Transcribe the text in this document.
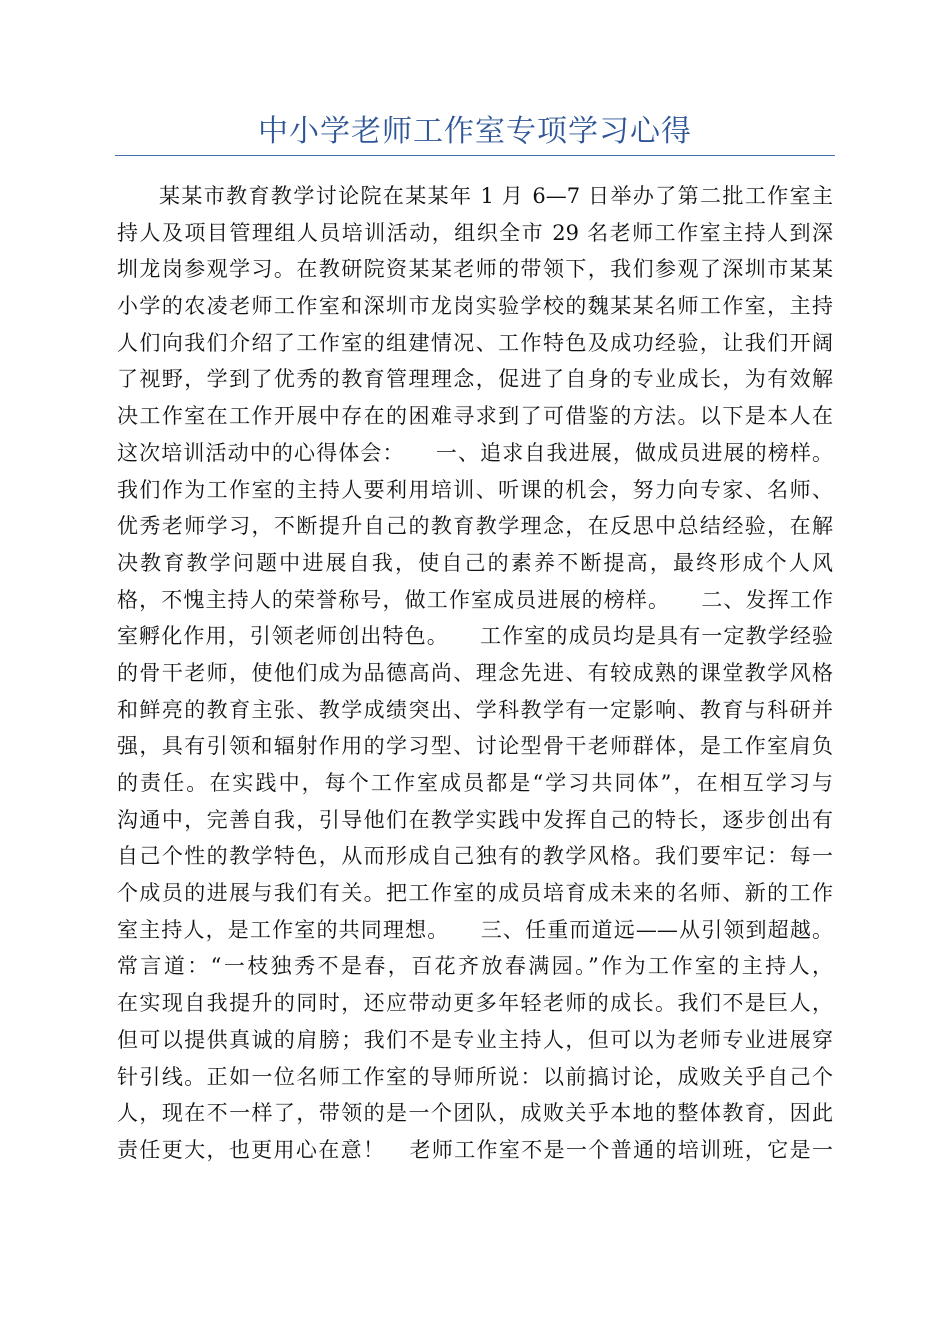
中小学老师工作室专项学习心得
某某市教育教学讨论院在某某年 1 月 6—7 日举办了第二批工作室主
持人及项目管理组人员培训活动，组织全市 29 名老师工作室主持人到深
圳龙岗参观学习。在教研院资某某老师的带领下，我们参观了深圳市某某
小学的农凌老师工作室和深圳市龙岗实验学校的魏某某名师工作室，主持
人们向我们介绍了工作室的组建情况、工作特色及成功经验，让我们开阔
了视野，学到了优秀的教育管理理念，促进了自身的专业成长，为有效解
决工作室在工作开展中存在的困难寻求到了可借鉴的方法。以下是本人在
这次培训活动中的心得体会：    一、追求自我进展，做成员进展的榜样。
我们作为工作室的主持人要利用培训、听课的机会，努力向专家、名师、
优秀老师学习，不断提升自己的教育教学理念，在反思中总结经验，在解
决教育教学问题中进展自我，使自己的素养不断提高，最终形成个人风
格，不愧主持人的荣誉称号，做工作室成员进展的榜样。    二、发挥工作
室孵化作用，引领老师创出特色。    工作室的成员均是具有一定教学经验
的骨干老师，使他们成为品德高尚、理念先进、有较成熟的课堂教学风格
和鲜亮的教育主张、教学成绩突出、学科教学有一定影响、教育与科研并
强，具有引领和辐射作用的学习型、讨论型骨干老师群体，是工作室肩负
的责任。在实践中，每个工作室成员都是“学习共同体”，在相互学习与
沟通中，完善自我，引导他们在教学实践中发挥自己的特长，逐步创出有
自己个性的教学特色，从而形成自己独有的教学风格。我们要牢记：每一
个成员的进展与我们有关。把工作室的成员培育成未来的名师、新的工作
室主持人，是工作室的共同理想。    三、任重而道远——从引领到超越。
常言道：“一枝独秀不是春，百花齐放春满园。”作为工作室的主持人，
在实现自我提升的同时，还应带动更多年轻老师的成长。我们不是巨人，
但可以提供真诚的肩膀；我们不是专业主持人，但可以为老师专业进展穿
针引线。正如一位名师工作室的导师所说：以前搞讨论，成败关乎自己个
人，现在不一样了，带领的是一个团队，成败关乎本地的整体教育，因此
责任更大，也更用心在意！   老师工作室不是一个普通的培训班，它是一
